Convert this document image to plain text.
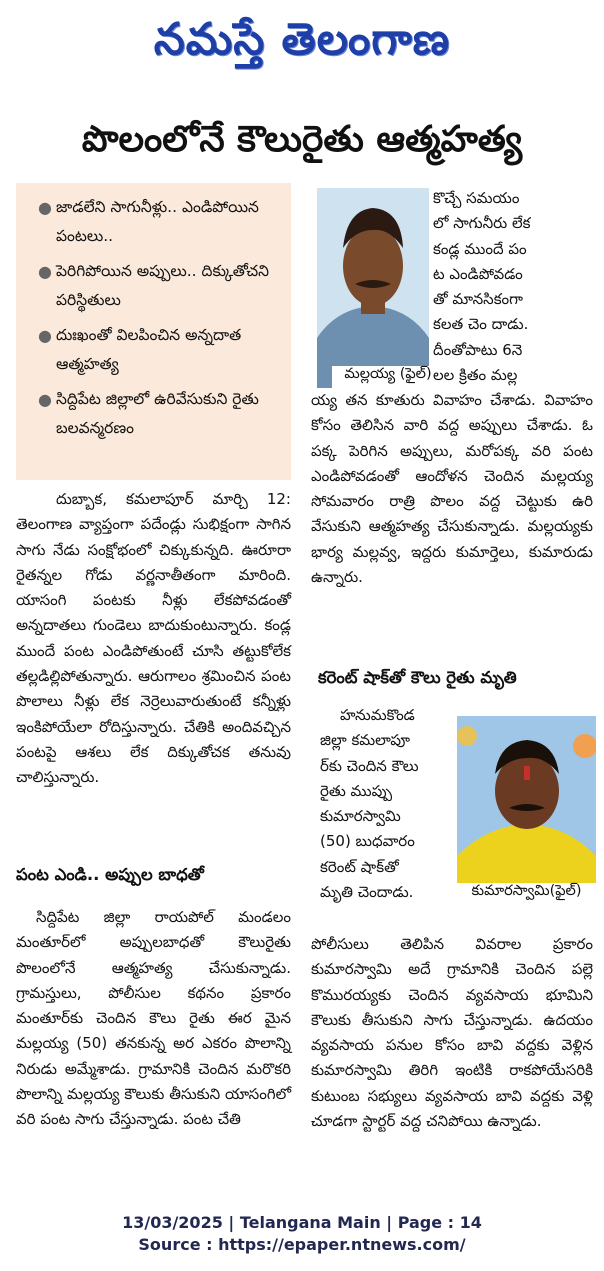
నమస్తే తెలంగాణ
పొలంలోనే కౌలురైతు ఆత్మహత్య
● జాడలేని సాగునీళ్లు.. ఎండిపోయిన పంటలు..
● పెరిగిపోయిన అప్పులు.. దిక్కుతోచని పరిస్థితులు
● దుఃఖంతో విలపించిన అన్నదాత ఆత్మహత్య
● సిద్దిపేట జిల్లాలో ఉరివేసుకుని రైతు బలవన్మరణం

దుబ్బాక, కమలాపూర్ మార్చి 12: తెలంగాణ వ్యాప్తంగా పదేండ్లు సుభిక్షంగా సాగిన సాగు నేడు సంక్షోభంలో చిక్కుకున్నది. ఊరూరా రైతన్నల గోడు వర్ణనాతీతంగా మారింది. యాసంగి పంటకు నీళ్లు లేకపోవడంతో అన్నదాతలు గుండెలు బాదుకుంటున్నారు. కండ్ల ముందే పంట ఎండిపోతుంటే చూసి తట్టుకోలేక తల్లడిల్లిపోతున్నారు. ఆరుగాలం శ్రమించిన పంట పొలాలు నీళ్లు లేక నెర్రెలువారుతుంటే కన్నీళ్లు ఇంకిపోయేలా రోదిస్తున్నారు. చేతికి అందివచ్చిన పంటపై ఆశలు లేక దిక్కుతోచక తనువు చాలిస్తున్నారు.

పంట ఎండి.. అప్పుల బాధతో

సిద్దిపేట జిల్లా రాయపోల్ మండలం మంతూర్‌లో అప్పులబాధతో కౌలురైతు పొలంలోనే ఆత్మహత్య చేసుకున్నాడు. గ్రామస్తులు, పోలీసుల కథనం ప్రకారం మంతూర్‌కు చెందిన కౌలు రైతు ఈర మైన మల్లయ్య (50) తనకున్న అర ఎకరం పొలాన్ని నిరుడు అమ్మేశాడు. గ్రామానికి చెందిన మరొకరి పొలాన్ని మల్లయ్య కౌలుకు తీసుకుని యాసంగిలో వరి పంట సాగు చేస్తున్నాడు. పంట చేతి

మల్లయ్య (ఫైల్)
కొచ్చే సమయం
లో సాగునీరు లేక
కండ్ల ముందే పం
ట ఎండిపోవడం
తో మానసికంగా
కలత చెం దాడు.
దీంతోపాటు 6నె
లల క్రితం మల్ల

య్య తన కూతురు వివాహం చేశాడు. వివాహం కోసం తెలిసిన వారి వద్ద అప్పులు చేశాడు. ఓ పక్క పెరిగిన అప్పులు, మరోపక్క వరి పంట ఎండిపోవడంతో ఆందోళన చెందిన మల్లయ్య సోమవారం రాత్రి పొలం వద్ద చెట్టుకు ఉరి వేసుకుని ఆత్మహత్య చేసుకున్నాడు. మల్లయ్యకు భార్య మల్లవ్వ, ఇద్దరు కుమార్తెలు, కుమారుడు ఉన్నారు.

కరెంట్ షాక్‌తో కౌలు రైతు మృతి
హనుమకొండ
జిల్లా కమలాపూ
ర్‌కు చెందిన కౌలు
రైతు ముప్పు
కుమారస్వామి
(50) బుధవారం
కరెంట్ షాక్‌తో
మృతి చెందాడు.	కుమారస్వామి(ఫైల్)

పోలీసులు తెలిపిన వివరాల ప్రకారం కుమారస్వామి అదే గ్రామానికి చెందిన పల్లె కొమురయ్యకు చెందిన వ్యవసాయ భూమిని కౌలుకు తీసుకుని సాగు చేస్తున్నాడు. ఉదయం వ్యవసాయ పనుల కోసం బావి వద్దకు వెళ్లిన కుమారస్వామి తిరిగి ఇంటికి రాకపోయేసరికి కుటుంబ సభ్యులు వ్యవసాయ బావి వద్దకు వెళ్లి చూడగా స్టార్టర్ వద్ద చనిపోయి ఉన్నాడు.

13/03/2025 | Telangana Main | Page : 14
Source : https://epaper.ntnews.com/
